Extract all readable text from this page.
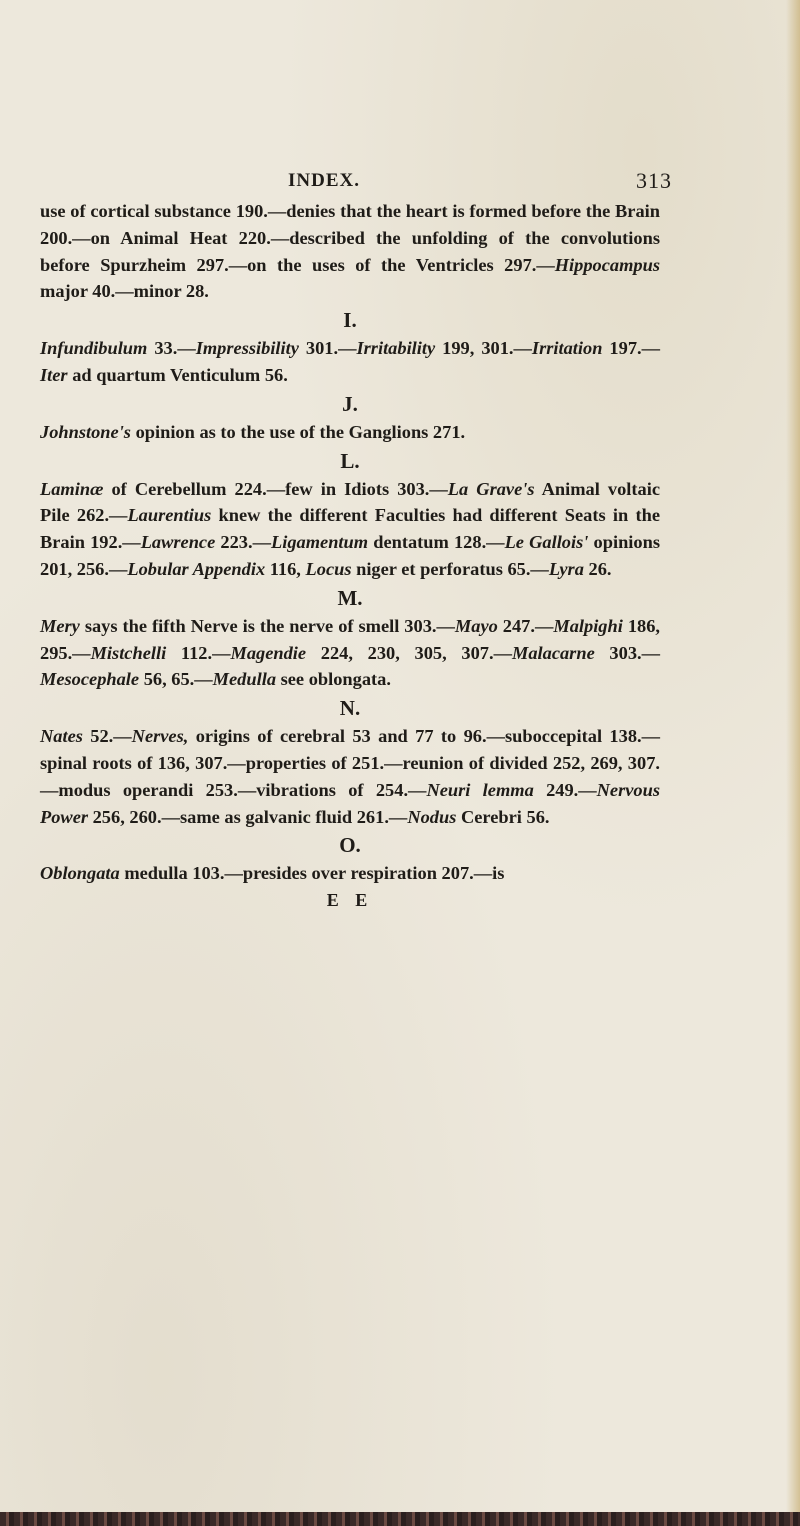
INDEX.	313

use of cortical substance 190.—denies that the heart is formed before the Brain 200.—on Animal Heat 220.—described the unfolding of the convolutions before Spurzheim 297.—on the uses of the Ventricles 297.—Hippocampus major 40.—minor 28.

I.

Infundibulum 33.—Impressibility 301.—Irritability 199, 301.—Irritation 197.—Iter ad quartum Venticulum 56.

J.

Johnstone's opinion as to the use of the Ganglions 271.

L.

Laminæ of Cerebellum 224.—few in Idiots 303.—La Grave's Animal voltaic Pile 262.—Laurentius knew the different Faculties had different Seats in the Brain 192.—Lawrence 223.—Ligamentum dentatum 128.—Le Gallois' opinions 201, 256.—Lobular Appendix 116, Locus niger et perforatus 65.—Lyra 26.

M.

Mery says the fifth Nerve is the nerve of smell 303.—Mayo 247.—Malpighi 186, 295.—Mistchelli 112.—Magendie 224, 230, 305, 307.—Malacarne 303.—Mesocephale 56, 65.—Medulla see oblongata.

N.

Nates 52.—Nerves, origins of cerebral 53 and 77 to 96.—suboccepital 138.—spinal roots of 136, 307.—properties of 251.—reunion of divided 252, 269, 307.—modus operandi 253.—vibrations of 254.—Neuri lemma 249.—Nervous Power 256, 260.—same as galvanic fluid 261.—Nodus Cerebri 56.

O.

Oblongata medulla 103.—presides over respiration 207.—is

E E
